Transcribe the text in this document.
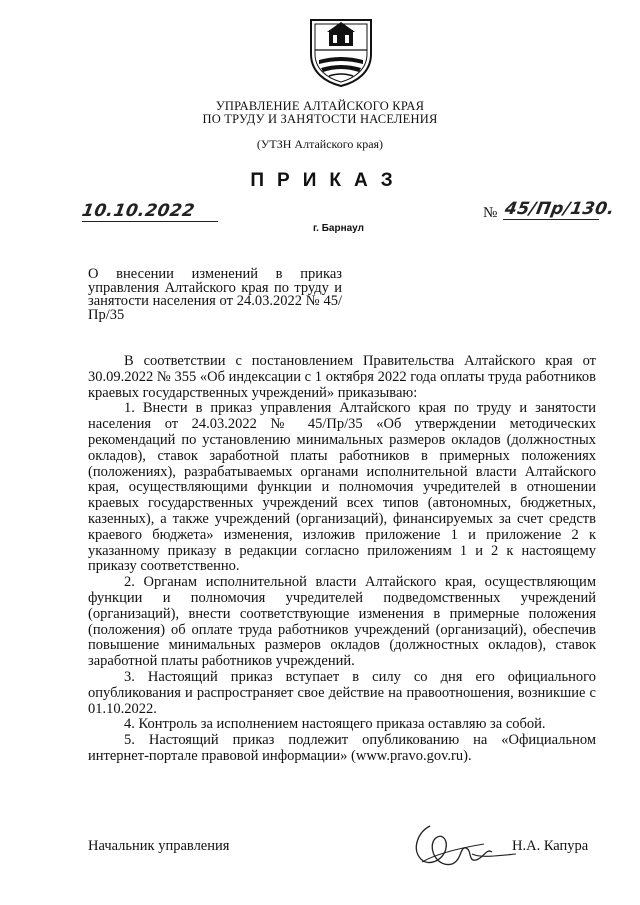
УПРАВЛЕНИЕ АЛТАЙСКОГО КРАЯ
ПО ТРУДУ И ЗАНЯТОСТИ НАСЕЛЕНИЯ
(УТЗН Алтайского края)
ПРИКАЗ
10.10.2022
г. Барнаул
№ 45/Пр/130.
О внесении изменений в приказ управления Алтайского края по труду и занятости населения от 24.03.2022 № 45/Пр/35

В соответствии с постановлением Правительства Алтайского края от 30.09.2022 № 355 «Об индексации с 1 октября 2022 года оплаты труда работников краевых государственных учреждений» приказываю:

1. Внести в приказ управления Алтайского края по труду и занятости населения от 24.03.2022 № 45/Пр/35 «Об утверждении методических рекомендаций по установлению минимальных размеров окладов (должностных окладов), ставок заработной платы работников в примерных положениях (положениях), разрабатываемых органами исполнительной власти Алтайского края, осуществляющими функции и полномочия учредителей в отношении краевых государственных учреждений всех типов (автономных, бюджетных, казенных), а также учреждений (организаций), финансируемых за счет средств краевого бюджета» изменения, изложив приложение 1 и приложение 2 к указанному приказу в редакции согласно приложениям 1 и 2 к настоящему приказу соответственно.

2. Органам исполнительной власти Алтайского края, осуществляющим функции и полномочия учредителей подведомственных учреждений (организаций), внести соответствующие изменения в примерные положения (положения) об оплате труда работников учреждений (организаций), обеспечив повышение минимальных размеров окладов (должностных окладов), ставок заработной платы работников учреждений.

3. Настоящий приказ вступает в силу со дня его официального опубликования и распространяет свое действие на правоотношения, возникшие с 01.10.2022.

4. Контроль за исполнением настоящего приказа оставляю за собой.

5. Настоящий приказ подлежит опубликованию на «Официальном интернет-портале правовой информации» (www.pravo.gov.ru).

Начальник управления	Н.А. Капура
